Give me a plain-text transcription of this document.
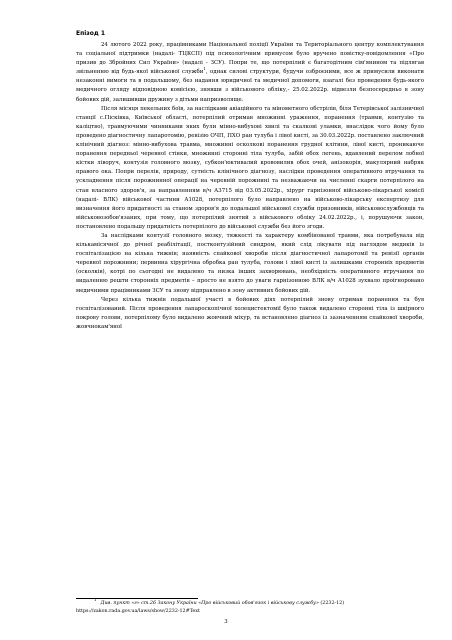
Епізод 1

24 лютого 2022 року, працівниками Національної поліції України та Територіального центру комплектування та соціальної підтримки (надалі- ТЦКСП) під психологічним примусом було вручено повістку-повідомлення «Про призив до Збройних Сил України» (надалі - ЗСУ). Попри те, що потерпілий є багатодітним сім'янином та підлягав звільненню від будь-якої військової служби$^1$, однак силові структури, будучи озброєними, все ж примусили виконати незаконні вимоги та в подальшому, без надання юридичної та медичної допомоги, взагалі без проведення будь-якого медичного огляду відповідною комісією, знявши з військового обліку,- 25.02.2022р. відвезли безпосередньо в зону бойових дій, залишивши дружину з дітьми напризволяще.

Після місяця пекельних боїв, за наслідками авіаційного та мінометного обстрілів, біля Тетерівської залізничної станції с.Пісківка, Київської області, потерпілий отримав множинні ураження, поранення (травми, контузію та каліцтво), травмуючими чинниками яких були мінно-вибухові хвилі та скалкові уламки, внаслідок чого йому було проведено діагностичну лапаротомію, ревізію ОЧП, ПХО ран тулуба і лівої кисті, за 30.03.2022р. поставлено заключний клінічний діагноз: мінно-вибухова травма, множинні осколкові поранення грудної клітини, лівої кисті, проникаюче поранення передньої черевної стінки, множинні сторонні тіла тулуба, забій обох легень, вдавлений перелом лобної кістки ліворуч, контузія головного мозку, субкон'юктивалий крововилив обох очей, анізокорія, макулярний набряк правого ока. Попри перелік, природу, сутність клінічного діагнозу, наслідки проведення оперативного втручання та ускладнення після порожнинної операції на черевній порожнині та незважаючи на численні скарги потерпілого на стан власного здоров'я, за направленням в/ч А3715 від 03.05.2022р., хірург гарнізонної військово-лікарської комісії (надалі- ВЛК) військової частини А1028, потерпілого було направлено на військово-лікарську експертизу для визначення його придатності за станом здоров'я до подальшої військової служби призовників, військовослужбовців та військовозобов'язаних, при тому, що потерпілий знятий з військового обліку 24.02.2022р., і, порушуючи закон, постановлено подальшу придатність потерпілого до військової служби без його згоди.

За наслідками контузії головного мозку, тяжкості та характеру комбінованої травми, яка потребувала від кількамісячної до річної реабілітації, постконтузійний синдром, який слід лікувати під наглядом медиків із госпіталізацією на кілька тижнів; наявність спайкової хвороби після діагностичної лапаротомії та ревізії органів черевної порожнини; первинна хірургічна обробка ран тулуба, голови і лівої кисті із залишками сторонніх предметів (осколків), котрі по сьогодні не видалено та низка інших захворювань, необхідність оперативного втручання по видаленню решти сторонніх предметів – просто не взято до уваги гарнізонною ВЛК в/ч А1028 зухвало проігноровано медичними працівниками ЗСУ та знову відправлено в зону активних бойових дій.

Через кілька тижнів подальшої участі в бойових діях потерпілий знову отримав поранення та був госпіталізований. Після проведення лапароскопічної холецистектомії було також видалено сторонні тіла із шкірного покрову голови, потерпілому було видалено жовчний міхур, та встановлено діагноз із зазначенням спайкової хвороби, жовчнокам'яної

$^1$Див. пункт «г» ст.26 Закону України «Про військовий обов'язок і військову службу» (2232-12)
https://zakon.rada.gov.ua/laws/show/2232-12#Text
3
